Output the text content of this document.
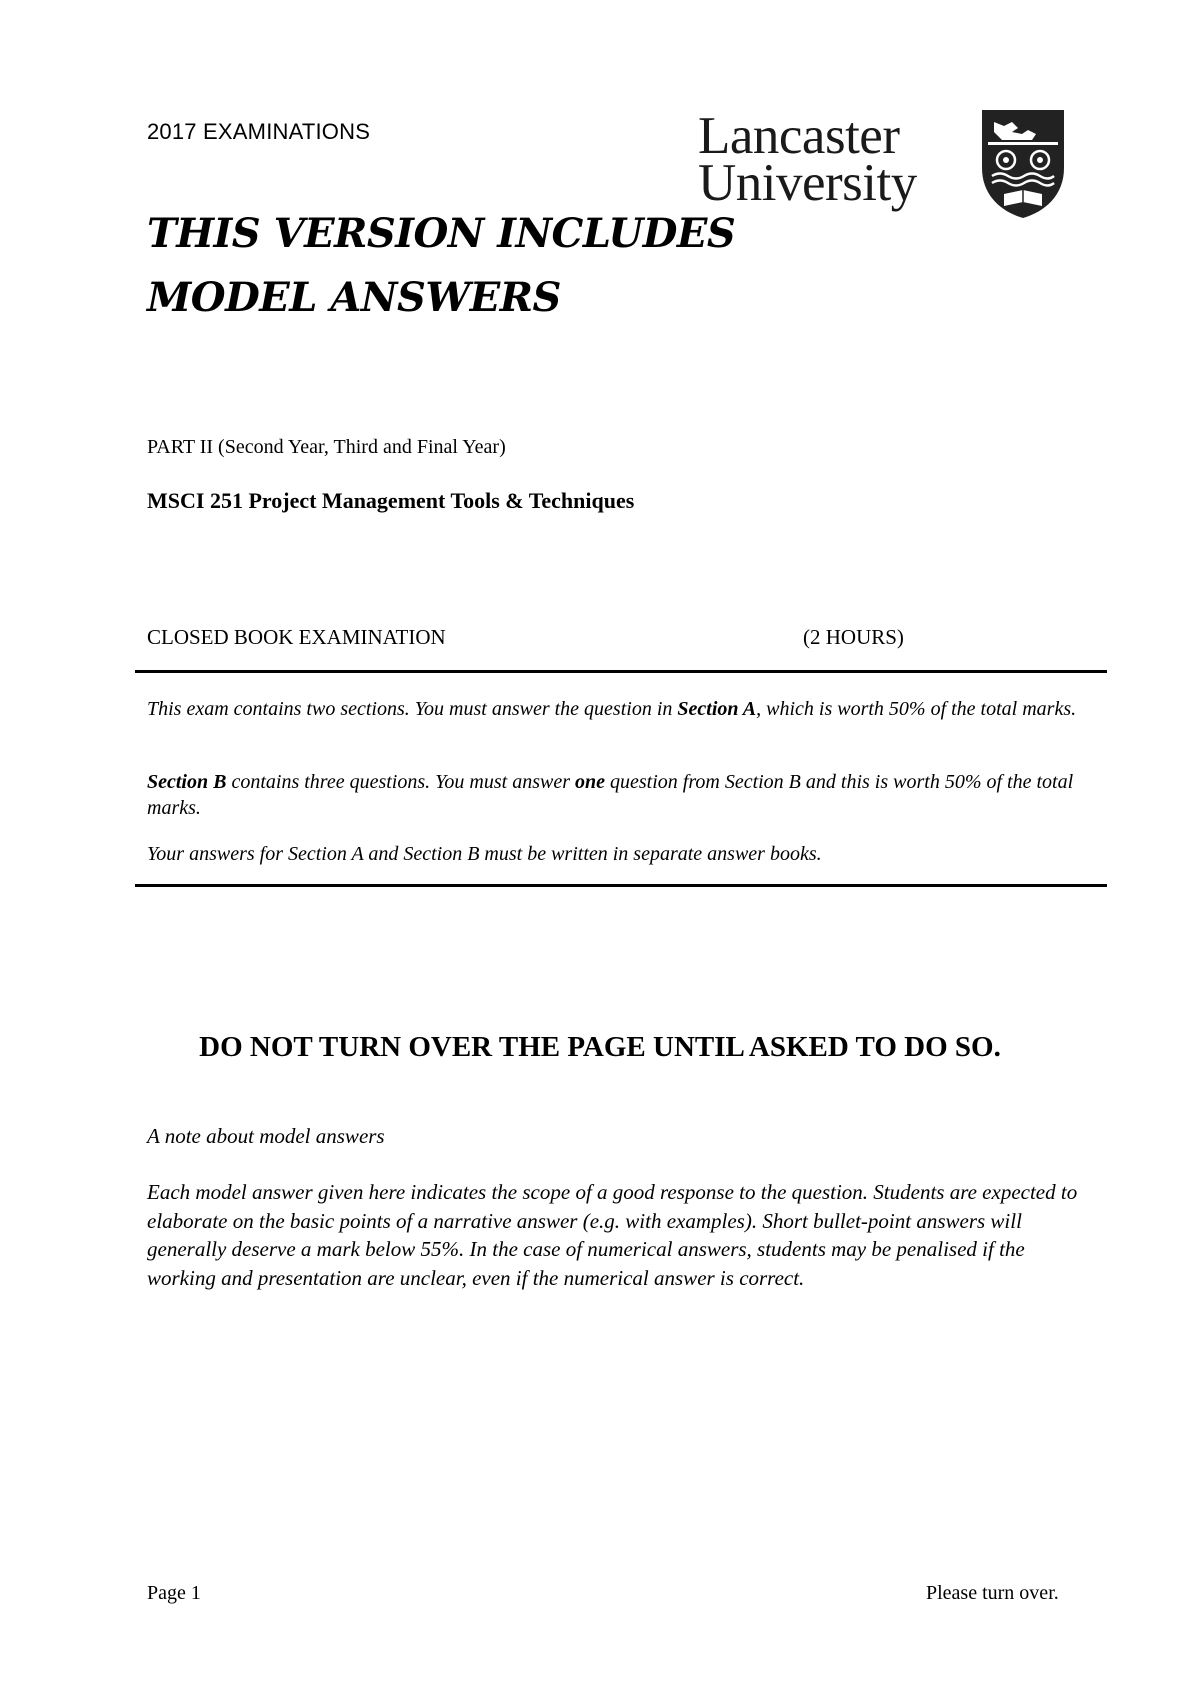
2017 EXAMINATIONS
THIS VERSION INCLUDES
MODEL ANSWERS
Lancaster
University
PART II (Second Year, Third and Final Year)
MSCI 251 Project Management Tools & Techniques
CLOSED BOOK EXAMINATION	(2 HOURS)
This exam contains two sections. You must answer the question in Section A, which is worth 50% of the total marks.
Section B contains three questions. You must answer one question from Section B and this is worth 50% of the total marks.
Your answers for Section A and Section B must be written in separate answer books.
DO NOT TURN OVER THE PAGE UNTIL ASKED TO DO SO.
A note about model answers
Each model answer given here indicates the scope of a good response to the question. Students are expected to elaborate on the basic points of a narrative answer (e.g. with examples). Short bullet-point answers will generally deserve a mark below 55%. In the case of numerical answers, students may be penalised if the working and presentation are unclear, even if the numerical answer is correct.
Page 1	Please turn over.
